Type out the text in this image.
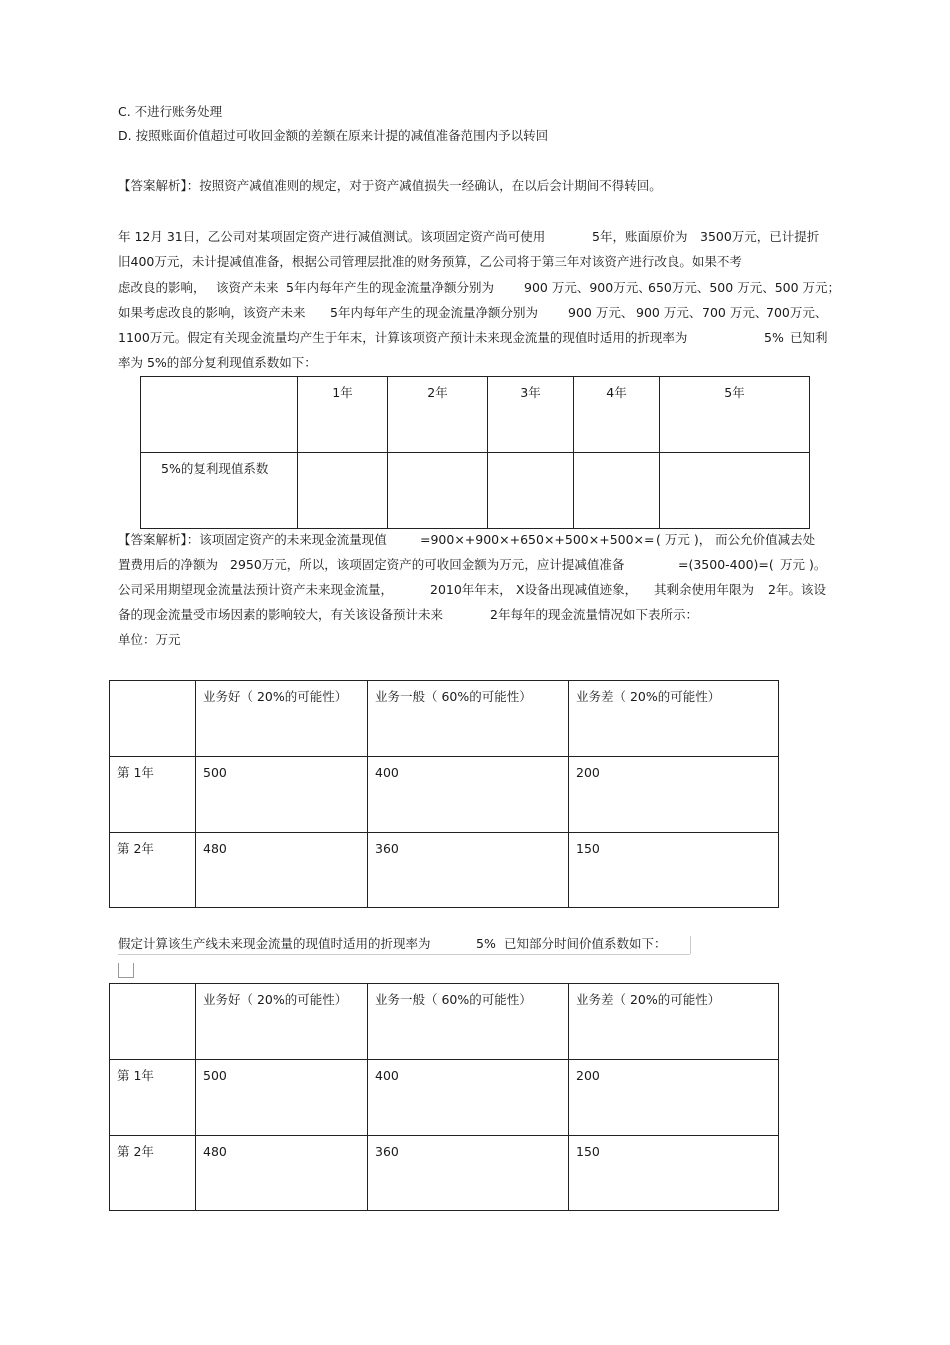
C. 不进行账务处理
D. 按照账面价值超过可收回金额的差额在原来计提的减值准备范围内予以转回
【答案解析】：按照资产减值准则的规定，对于资产减值损失一经确认，在以后会计期间不得转回。
年 12月 31日，乙公司对某项固定资产进行减值测试。该项固定资产尚可使用	5年，账面原价为 3500万元，已计提折
旧400万元，未计提减值准备，根据公司管理层批准的财务预算，乙公司将于第三年对该资产进行改良。如果不考
虑改良的影响， 该资产未来 5年内每年产生的现金流量净额分别为 900 万元、900万元、
650万元、500 万元、500 万元；
如果考虑改良的影响，该资产未来 5年内每年产生的现金流量净额分别为 900 万元、 900 万元、 700 万元、
700万元、
1100万元。假定有关现金流量均产生于年末，计算该项资产预计未来现金流量的现值时适用的折现率为	5% 已知利
率为 5%的部分复利现值系数如下：
	1年	2年	3年	4年	5年
5%的复利现值系数					
【答案解析】：该项固定资产的未来现金流量现值	=900×+900×+650×+500×+500×= ( 万元 )， 而公允价值减去处
置费用后的净额为 2950万元，所以，该项固定资产的可收回金额为万元，应计提减值准备	=(3500-400)=( 万元 )。
公司采用期望现金流量法预计资产未来现金流量，	2010年年末， X设备出现减值迹象， 其剩余使用年限为 2年。该设
备的现金流量受市场因素的影响较大，有关该设备预计未来	2年每年的现金流量情况如下表所示：
单位：万元
	业务好（ 20%的可能性）	业务一般（ 60%的可能性）	业务差（ 20%的可能性）
第 1年	500	400	200
第 2年	480	360	150
假定计算该生产线未来现金流量的现值时适用的折现率为	5% 已知部分时间价值系数如下：
	业务好（ 20%的可能性）	业务一般（ 60%的可能性）	业务差（ 20%的可能性）
第 1年	500	400	200
第 2年	480	360	150
